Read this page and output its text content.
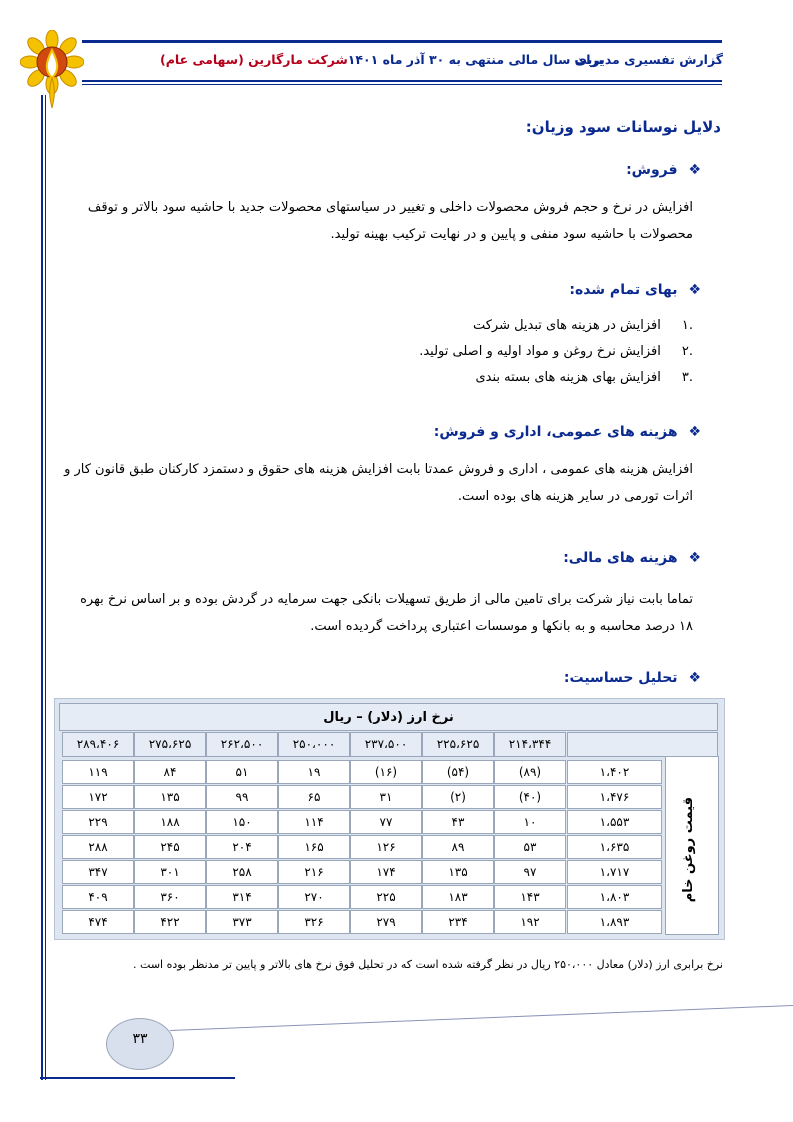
گزارش تفسیری مدیریت
برای سال مالی منتهی به ۳۰ آذر ماه ۱۴۰۱
شرکت مارگارین (سهامی عام)
دلایل نوسانات سود وزیان:
❖ فروش:
افزایش در نرخ و حجم فروش محصولات داخلی و تغییر در سیاستهای محصولات جدید با حاشیه سود بالاتر و توقف محصولات با حاشیه سود منفی و پایین و در نهایت ترکیب بهینه تولید.
❖ بهای تمام شده:
.۱ افزایش در هزینه های تبدیل شرکت
.۲ افزایش نرخ روغن و مواد اولیه و اصلی تولید.
.۳ افزایش بهای هزینه های بسته بندی
❖ هزینه های عمومی، اداری و فروش:
افزایش هزینه های عمومی ، اداری و فروش عمدتا بابت افزایش هزینه های حقوق و دستمزد کارکنان طبق قانون کار و اثرات تورمی در سایر هزینه های بوده است.
❖ هزینه های مالی:
تماما بابت نیاز شرکت برای تامین مالی از طریق تسهیلات بانکی جهت سرمایه در گردش بوده و بر اساس نرخ بهره ۱۸ درصد محاسبه و به بانکها و موسسات اعتباری پرداخت گردیده است.
❖ تحلیل حساسیت:
نرخ ارز (دلار) – ریال
۲۱۴،۳۴۴
۲۲۵،۶۲۵
۲۳۷،۵۰۰
۲۵۰،۰۰۰
۲۶۲،۵۰۰
۲۷۵،۶۲۵
۲۸۹،۴۰۶
۱،۴۰۲
(۸۹)
(۵۴)
(۱۶)
۱۹
۵۱
۸۴
۱۱۹
۱،۴۷۶
(۴۰)
(۲)
۳۱
۶۵
۹۹
۱۳۵
۱۷۲
۱،۵۵۳
۱۰
۴۳
۷۷
۱۱۴
۱۵۰
۱۸۸
۲۲۹
۱،۶۳۵
۵۳
۸۹
۱۲۶
۱۶۵
۲۰۴
۲۴۵
۲۸۸
۱،۷۱۷
۹۷
۱۳۵
۱۷۴
۲۱۶
۲۵۸
۳۰۱
۳۴۷
۱،۸۰۳
۱۴۳
۱۸۳
۲۲۵
۲۷۰
۳۱۴
۳۶۰
۴۰۹
۱،۸۹۳
۱۹۲
۲۳۴
۲۷۹
۳۲۶
۳۷۳
۴۲۲
۴۷۴
قیمت روغن خام
نرخ برابری ارز (دلار) معادل ۲۵۰،۰۰۰ ریال در نظر گرفته شده است که در تحلیل فوق نرخ های بالاتر و پایین تر مدنظر بوده است .
۳۳
